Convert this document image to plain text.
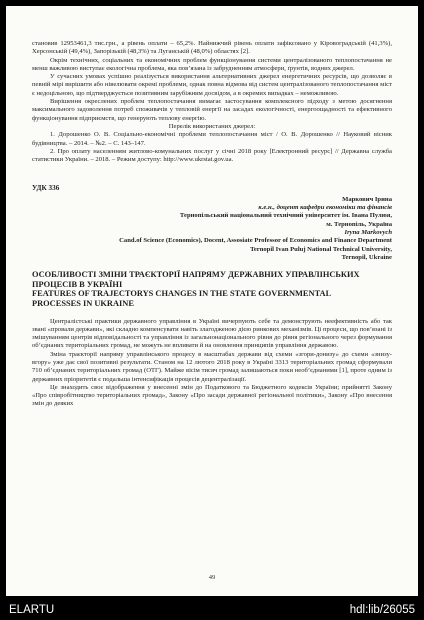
становив 12953461,3 тис.грн., а рівень оплати – 65,2%. Найнижчий рівень оплати зафіксовано у Кіровоградській (41,3%), Херсонській (49,4%), Запорізькій (48,3%) та Луганській (48,0%) областях [2].

Окрім технічних, соціальних та економічних проблем функціонування системи централізованого теплопостачання не менш важливою виступає екологічна проблема, яка пов’язана із забрудненням атмосфери, ґрунтів, водних джерел.

У сучасних умовах успішно реалізується використання альтернативних джерел енергетичних ресурсів, що дозволяє в певній мірі вирішити або нівелювати окремі проблеми, однак повна відмова від систем централізованого теплопостачання міст є недоцільною, що підтверджується позитивним зарубіжним досвідом, а в окремих випадках – неможливою.

Вирішення окреслених проблем теплопостачання вимагає застосування комплексного підходу з метою досягнення максимального задоволення потреб споживачів у тепловій енергії на засадах екологічності, енергоощадності та ефективного функціонування підприємств, що генерують теплову енергію.

Перелік використаних джерел:

1. Дорошенко О. В. Соціально-економічні проблеми теплопостачання міст / О. В. Дорошенко // Науковий вісник будівництва. – 2014. – №2. – С. 143–147.

2. Про оплату населенням житлово-комунальних послуг у січні 2018 року [Електронний ресурс] // Державна служба статистики України. – 2018. – Режим доступу: http://www.ukrstat.gov.ua.

УДК 336

Маркович Ірина

к.е.н., доцент кафедри економіки та фінансів

Тернопільський національний технічний університет ім. Івана Пулюя,

м. Тернопіль, Україна

Iryna Markovych

Cand.of Science (Economics), Docent, Assosiate Professor of Economics and Finance Department

Ternopil Ivan Puluj National Technical University,

Ternopil, Ukraine

ОСОБЛИВОСТІ ЗМІНИ ТРАЄКТОРІЇ НАПРЯМУ ДЕРЖАВНИХ УПРАВЛІНСЬКИХ

ПРОЦЕСІВ В УКРАЇНІ

FEATURES OF TRAJECTORYS CHANGES IN THE STATE GOVERNMENTAL

PROCESSES IN UKRAINE

Централістські практики державного управління в Україні вичерпують себе та демонструють неефективність або так звані «провали держави», які складно компенсувати навіть злагодженою дією ринкових механізмів. Ці процеси, що пов’язані із змішуванням центрів відповідальності та управління із загальнонаціонального рівня до рівня регіонального через формування об’єднаних територіальних громад, не можуть не впливати й на оновлення принципів управління державою.

Зміна траєкторії напряму управлінського процесу в масштабах держави від схеми «згори-донизу» до схеми «знизу-вгору» уже дає свої позитивні результати. Станом на 12 лютого 2018 року в Україні 3313 територіальних громад сформували 710 об’єднаних територіальних громад (ОТГ). Майже вісім тисяч громад залишаються поки необ’єднаними [1], проте одним із державних пріоритетів є подальша інтенсифікація процесів децентралізації.

Це знаходить своє відображення у внесенні змін до Податкового та Бюджетного кодексів України; прийнятті Закону «Про співробітництво територіальних громад», Закону «Про засади державної регіональної політики», Закону «Про внесення змін до деяких

49
ELARTU	hdl:lib/26055
